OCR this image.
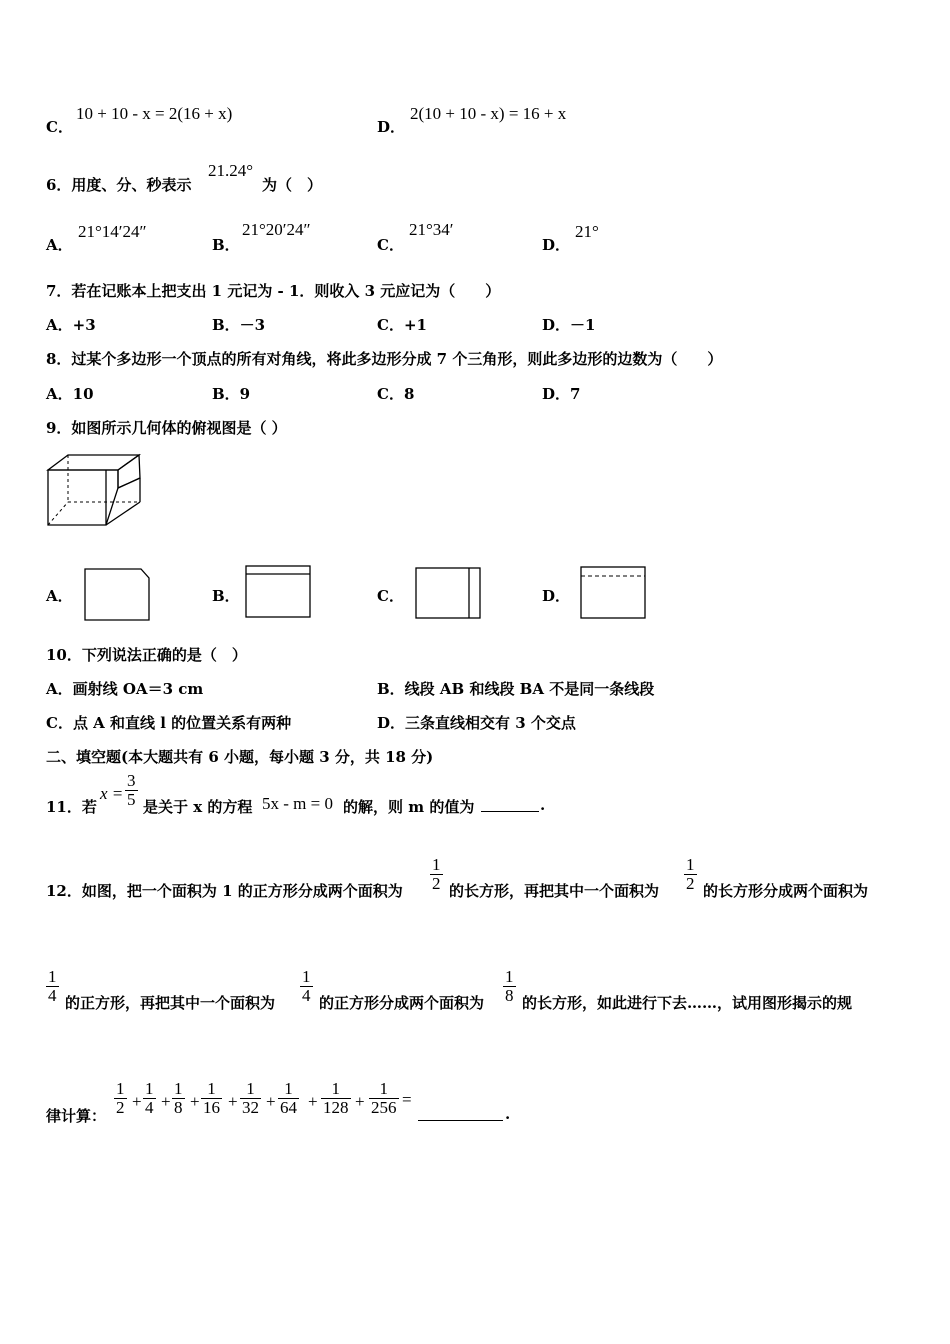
C．
10 + 10 - x = 2(16 + x)
D．
2(10 + 10 - x) = 16 + x
6．用度、分、秒表示
21.24°
为（　）
A．
21°14′24″
B．
21°20′24″
C．
21°34′
D．
21°
7．若在记账本上把支出 1 元记为 - 1．则收入 3 元应记为（　　）
A．+3	B．－3	C．+1	D．－1
8．过某个多边形一个顶点的所有对角线，将此多边形分成 7 个三角形，则此多边形的边数为（　　）
A．10	B．9	C．8	D．7
9．如图所示几何体的俯视图是（ ）
A．	B．	C．	D．
10．下列说法正确的是（　）
A．画射线 OA＝3 cm	B．线段 AB 和线段 BA 不是同一条线段
C．点 A 和直线 l 的位置关系有两种	D．三条直线相交有 3 个交点
二、填空题(本大题共有 6 小题，每小题 3 分，共 18 分)
11．若
$x = \frac{3}{5}$ 是关于 x 的方程 5x - m = 0 的解，则 m 的值为	.
12．如图，把一个面积为 1 的正方形分成两个面积为 $\frac{1}{2}$ 的长方形，再把其中一个面积为 $\frac{1}{2}$ 的长方形分成两个面积为
$\frac{1}{4}$ 的正方形，再把其中一个面积为 $\frac{1}{4}$ 的正方形分成两个面积为 $\frac{1}{8}$ 的长方形，如此进行下去……，试用图形揭示的规
律计算： $\frac{1}{2} + \frac{1}{4} + \frac{1}{8} + \frac{1}{16} + \frac{1}{32} + \frac{1}{64} + \frac{1}{128} + \frac{1}{256}$ =
.
